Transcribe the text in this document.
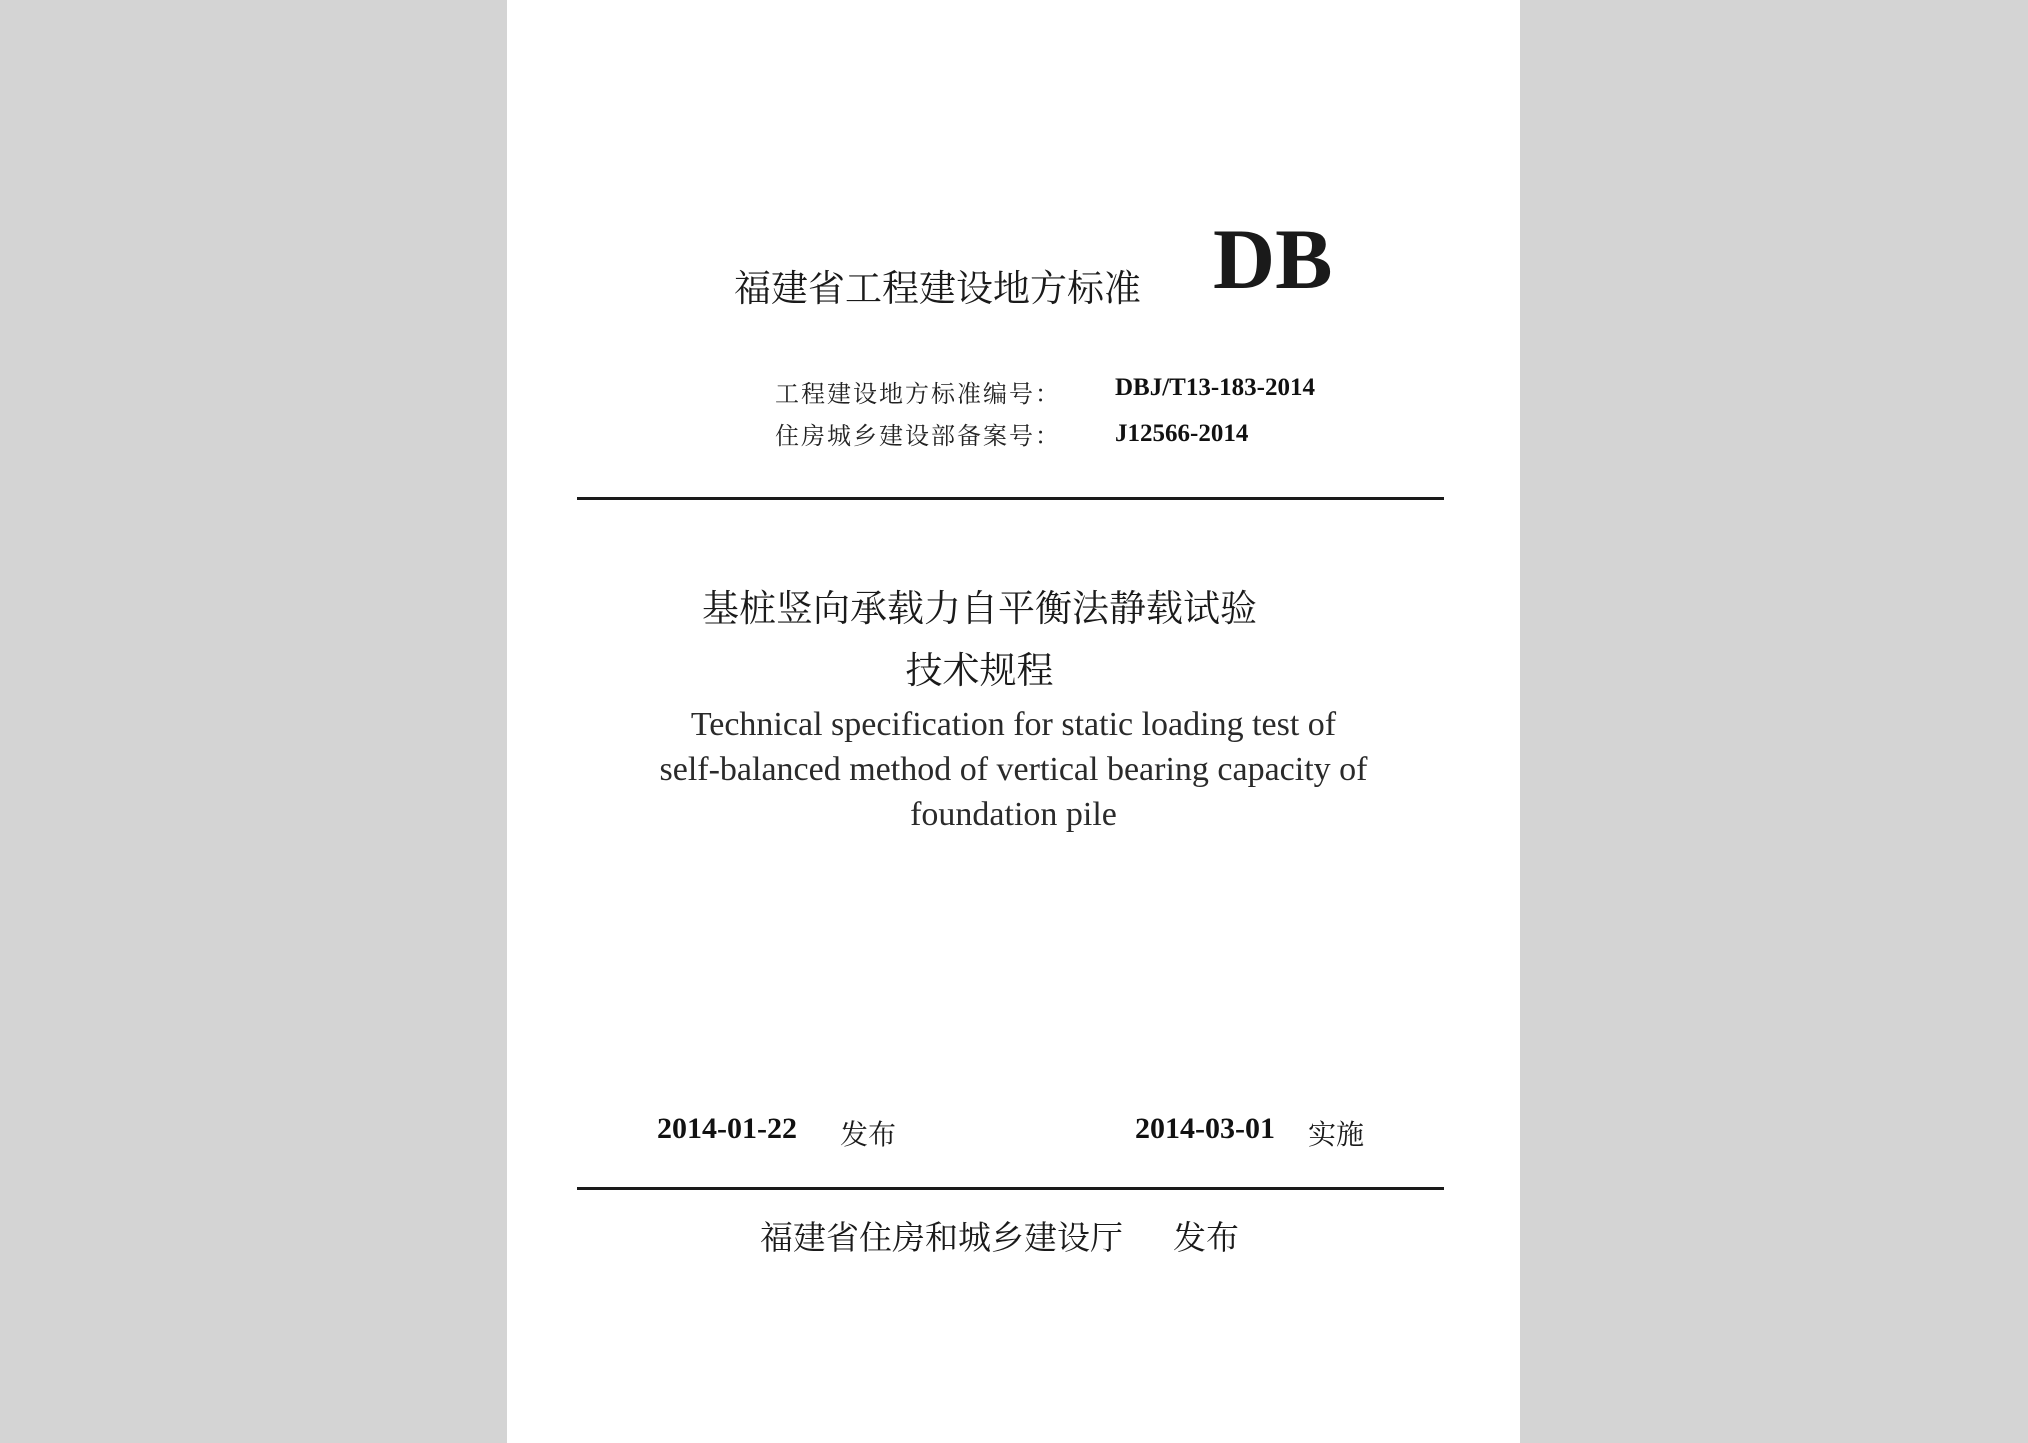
福建省工程建设地方标准 DB
工程建设地方标准编号： DBJ/T13-183-2014
住房城乡建设部备案号： J12566-2014
基桩竖向承载力自平衡法静载试验
技术规程
Technical specification for static loading test of
self-balanced method of vertical bearing capacity of
foundation pile
2014-01-22 发布	2014-03-01 实施
福建省住房和城乡建设厅 发布
